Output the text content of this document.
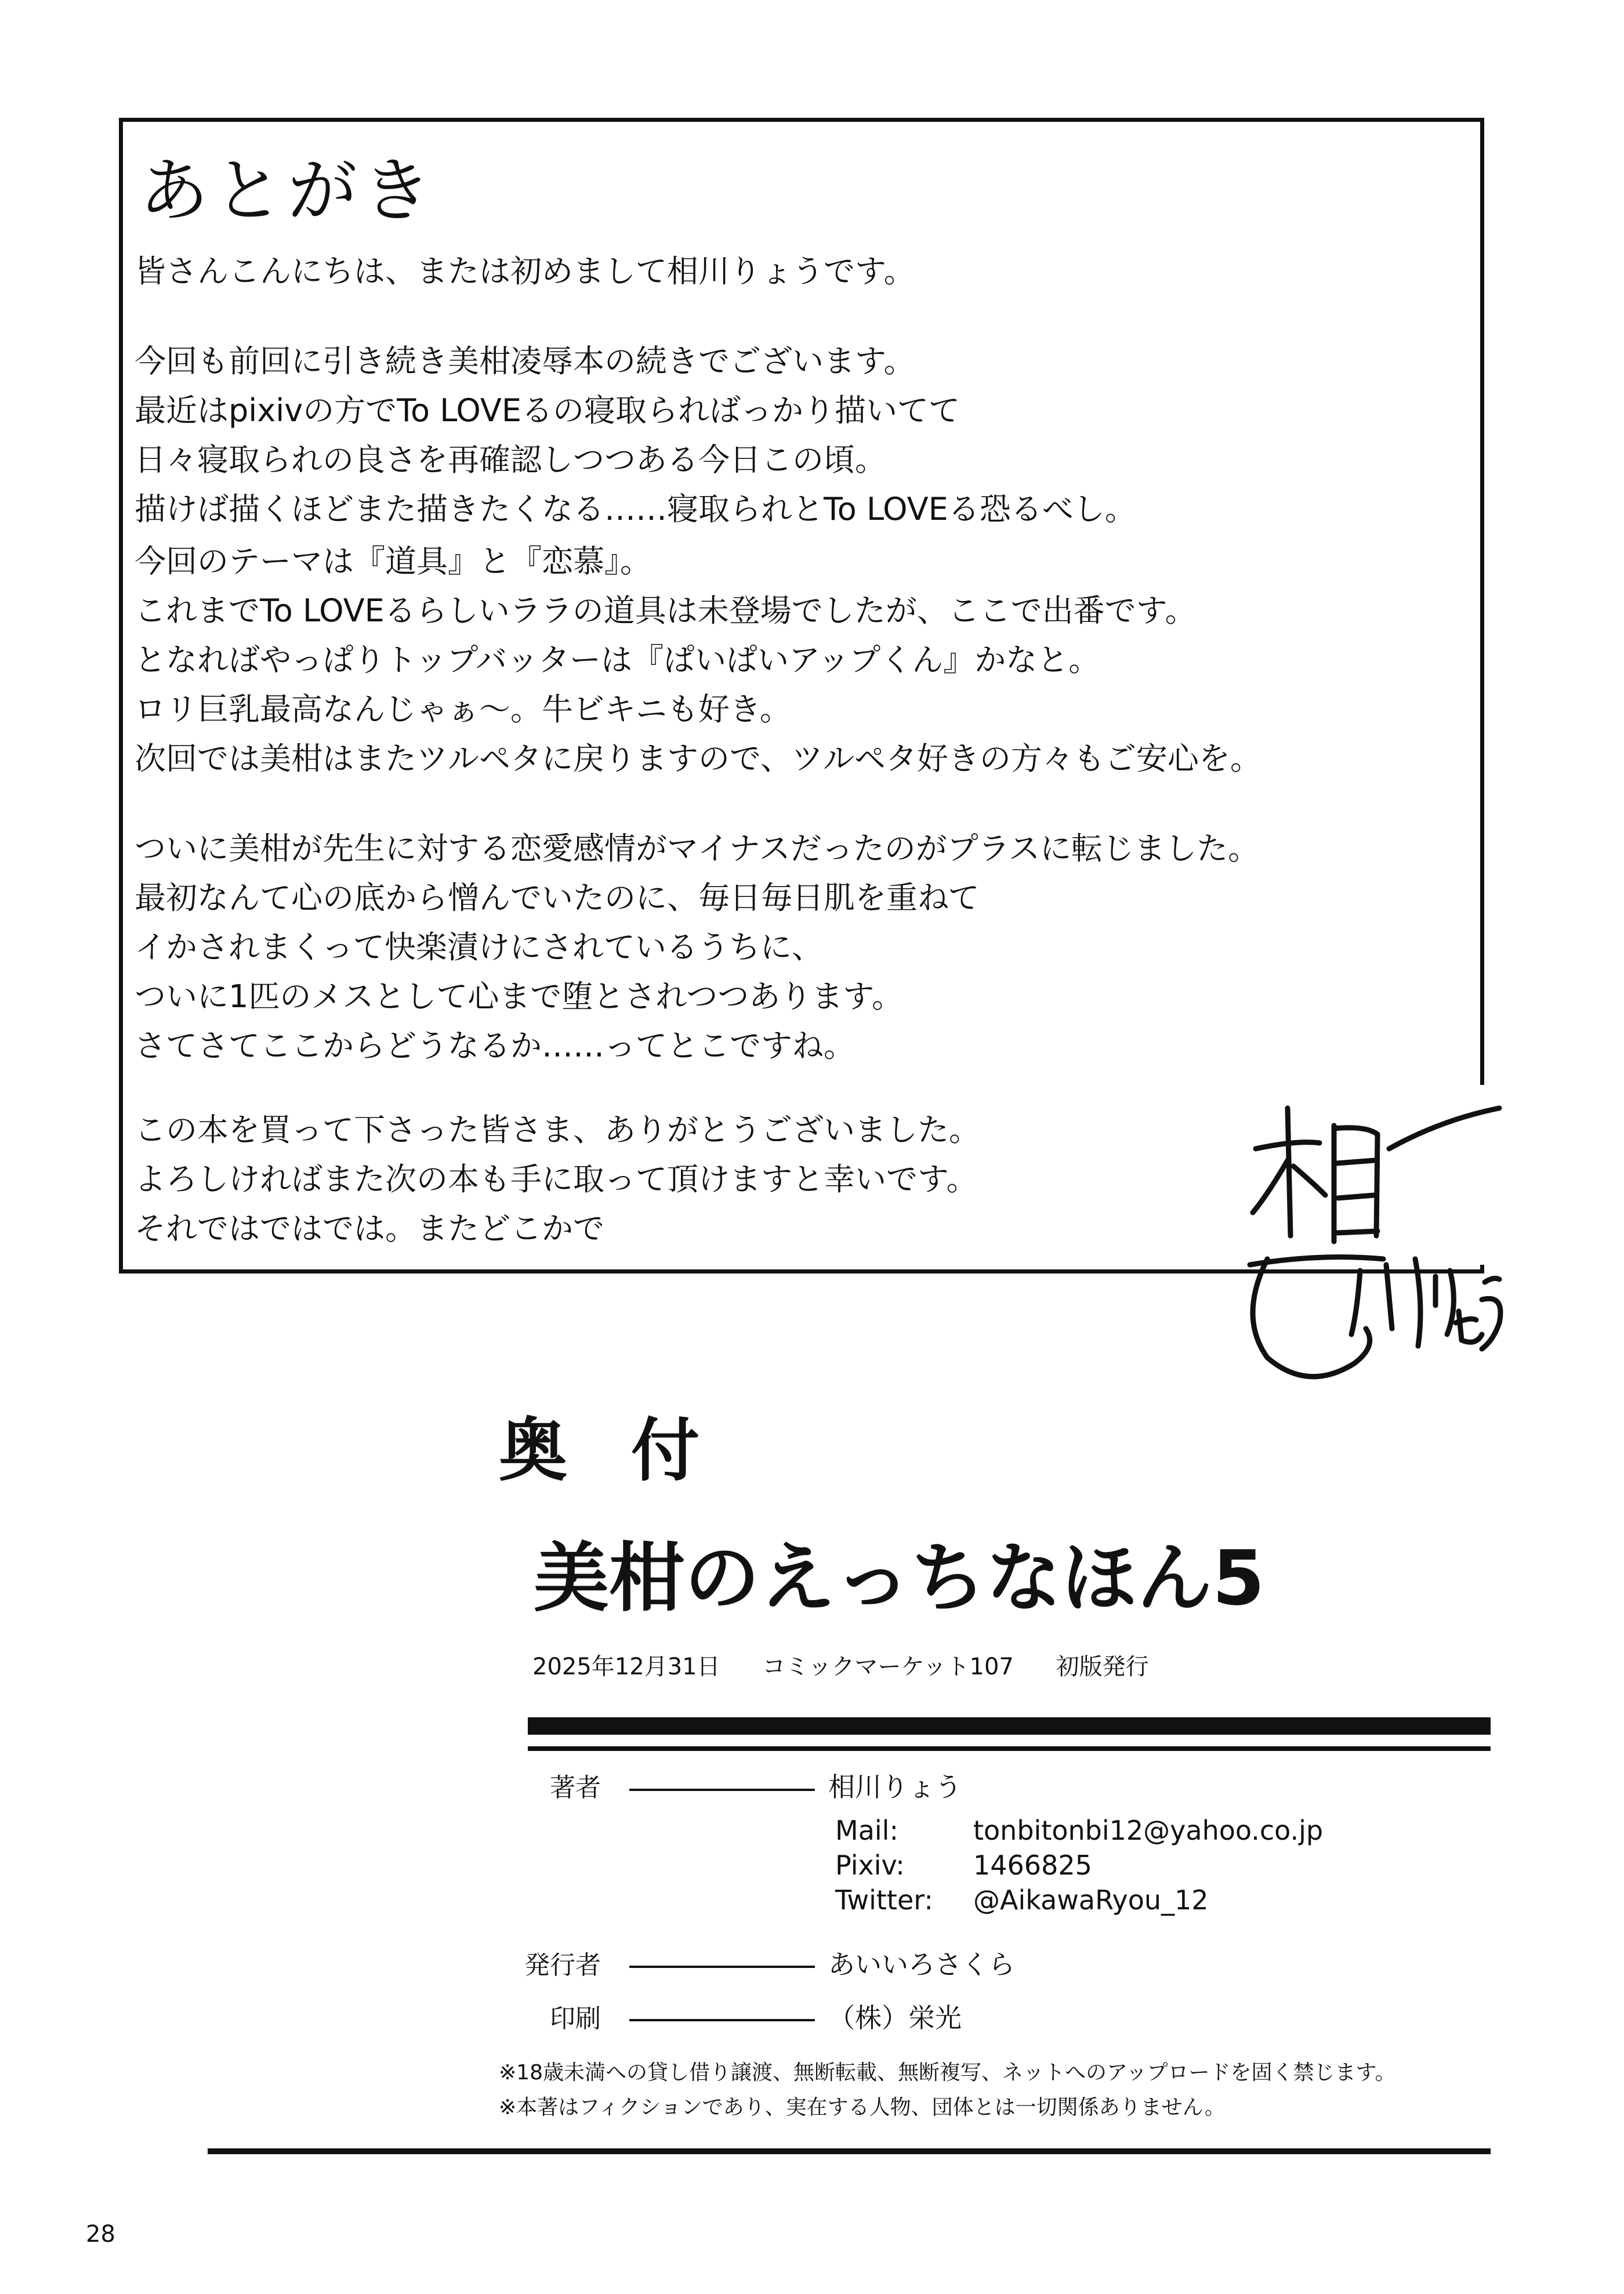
あとがき
皆さんこんにちは、または初めまして相川りょうです。
今回も前回に引き続き美柑凌辱本の続きでございます。
最近はpixivの方でTo LOVEるの寝取らればっかり描いてて
日々寝取られの良さを再確認しつつある今日この頃。
描けば描くほどまた描きたくなる……寝取られとTo LOVEる恐るべし。
今回のテーマは『道具』と『恋慕』。
これまでTo LOVEるらしいララの道具は未登場でしたが、ここで出番です。
となればやっぱりトップバッターは『ぱいぱいアップくん』かなと。
ロリ巨乳最高なんじゃぁ〜。牛ビキニも好き。
次回では美柑はまたツルペタに戻りますので、ツルペタ好きの方々もご安心を。
ついに美柑が先生に対する恋愛感情がマイナスだったのがプラスに転じました。
最初なんて心の底から憎んでいたのに、毎日毎日肌を重ねて
イかされまくって快楽漬けにされているうちに、
ついに1匹のメスとして心まで堕とされつつあります。
さてさてここからどうなるか……ってとこですね。
この本を買って下さった皆さま、ありがとうございました。
よろしければまた次の本も手に取って頂けますと幸いです。
それではではでは。またどこかで
奥付
美柑のえっちなほん5
2025年12月31日 コミックマーケット107 初版発行
著者	相川りょう
Mail:	tonbitonbi12@yahoo.co.jp
Pixiv:	1466825
Twitter: @AikawaRyou_12
発行者	あいいろさくら
印刷	（株）栄光
※18歳未満への貸し借り譲渡、無断転載、無断複写、ネットへのアップロードを固く禁じます。
※本著はフィクションであり、実在する人物、団体とは一切関係ありません。
28
